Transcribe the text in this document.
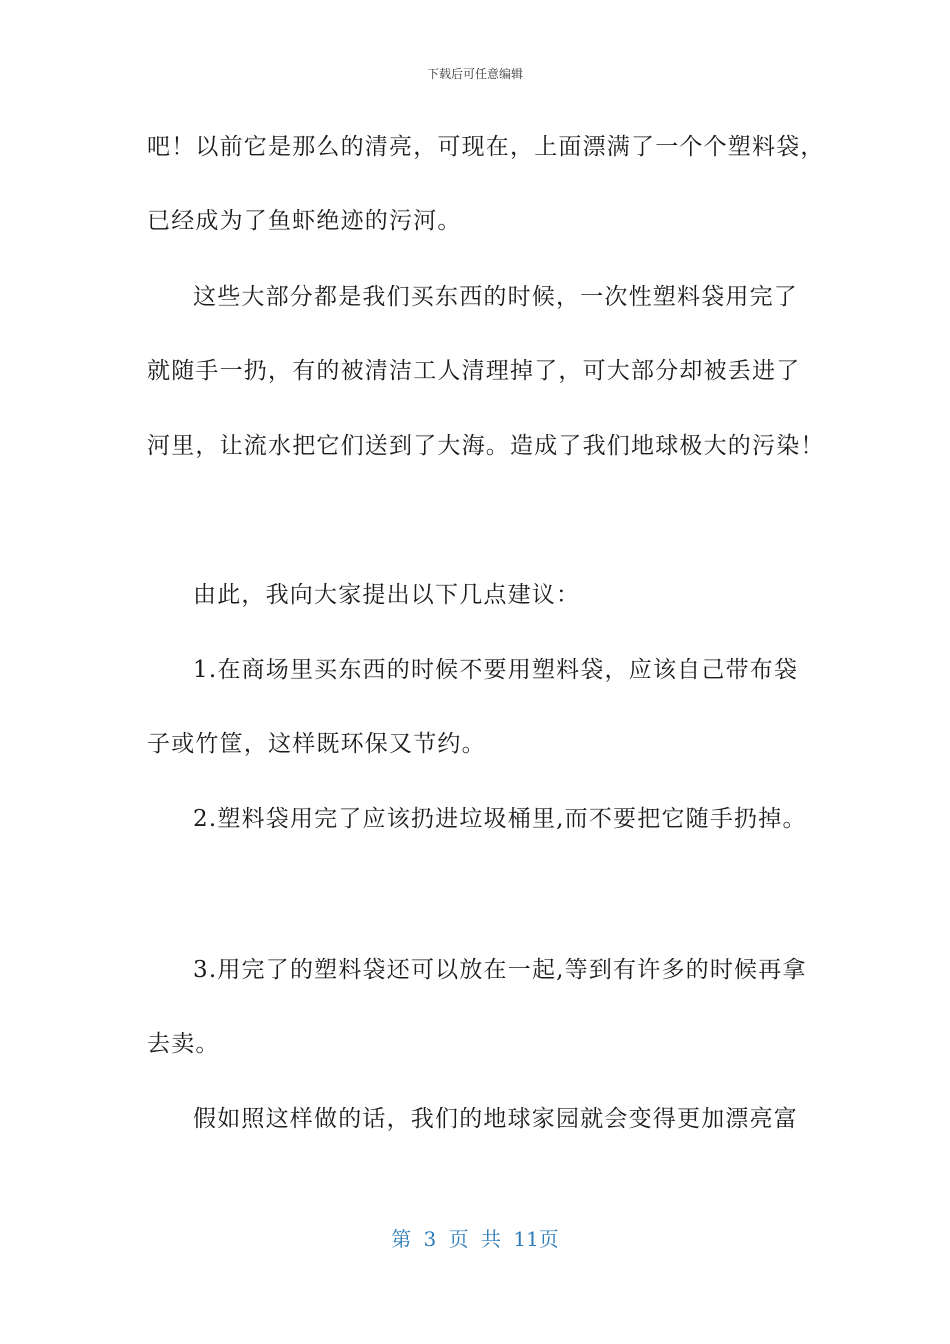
下载后可任意编辑
吧！以前它是那么的清亮，可现在，上面漂满了一个个塑料袋，
已经成为了鱼虾绝迹的污河。
这些大部分都是我们买东西的时候，一次性塑料袋用完了
就随手一扔，有的被清洁工人清理掉了，可大部分却被丢进了
河里，让流水把它们送到了大海。造成了我们地球极大的污染！
由此，我向大家提出以下几点建议：
1.在商场里买东西的时候不要用塑料袋，应该自己带布袋
子或竹筐，这样既环保又节约。
2.塑料袋用完了应该扔进垃圾桶里,而不要把它随手扔掉。
3.用完了的塑料袋还可以放在一起,等到有许多的时候再拿
去卖。
假如照这样做的话，我们的地球家园就会变得更加漂亮富
第 3 页 共 11页
